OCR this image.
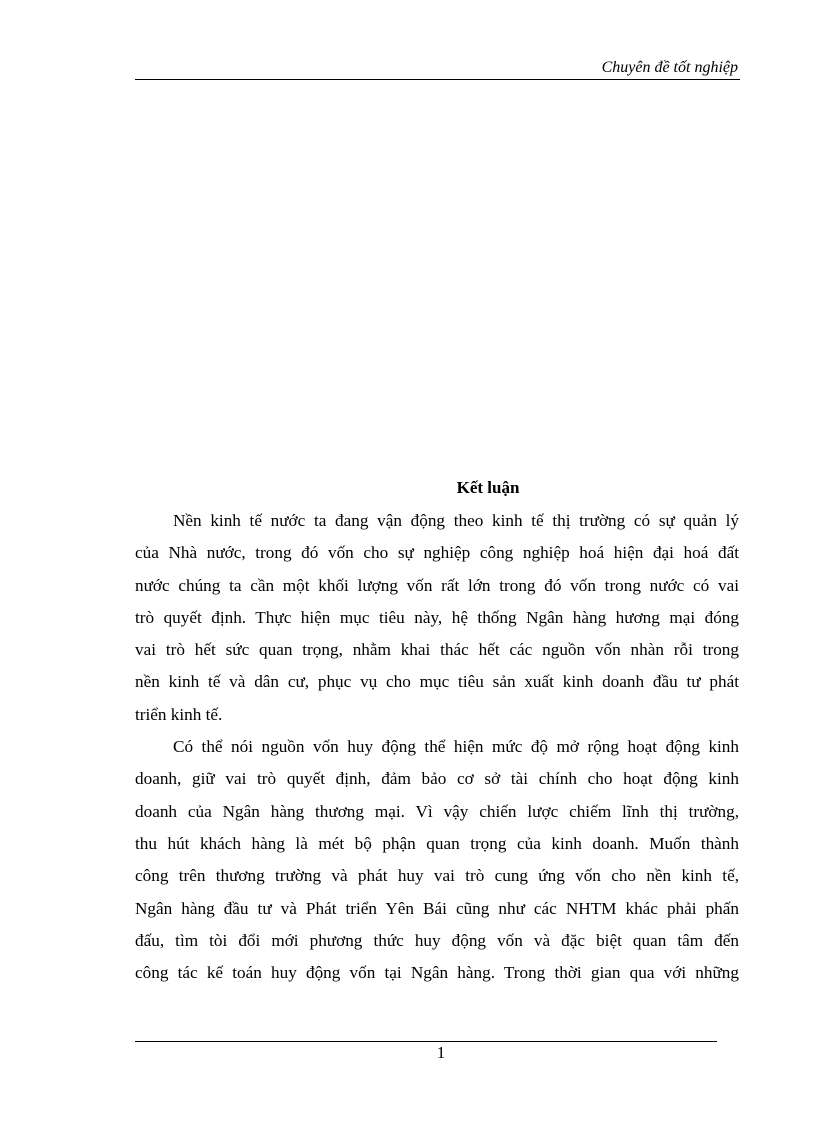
Chuyên đề tốt nghiệp
Kết luận
Nền kinh tế nước ta đang vận động theo kinh tế thị trường có sự quản lý
của Nhà nước, trong đó vốn cho sự nghiệp công nghiệp hoá hiện đại hoá đất
nước chúng ta cần một khối lượng vốn rất lớn trong đó vốn trong nước có vai
trò quyết định. Thực hiện mục tiêu này, hệ thống Ngân hàng hương mại đóng
vai trò hết sức quan trọng, nhằm khai thác hết các nguồn vốn nhàn rỗi trong
nền kinh tế và dân cư, phục vụ cho mục tiêu sản xuất kinh doanh đầu tư phát
triển kinh tế.
Có thể nói nguồn vốn huy động thể hiện mức độ mở rộng hoạt động kinh
doanh, giữ vai trò quyết định, đảm bảo cơ sở tài chính cho hoạt động kinh
doanh của Ngân hàng thương mại. Vì vậy chiến lược chiếm lĩnh thị trường,
thu hút khách hàng là mét bộ phận quan trọng của kinh doanh. Muốn thành
công trên thương trường và phát huy vai trò cung ứng vốn cho nền kinh tế,
Ngân hàng đầu tư và Phát triển Yên Bái cũng như các NHTM khác phải phấn
đấu, tìm tòi đổi mới phương thức huy động vốn và đặc biệt quan tâm đến
công tác kế toán huy động vốn tại Ngân hàng. Trong thời gian qua với những
1
